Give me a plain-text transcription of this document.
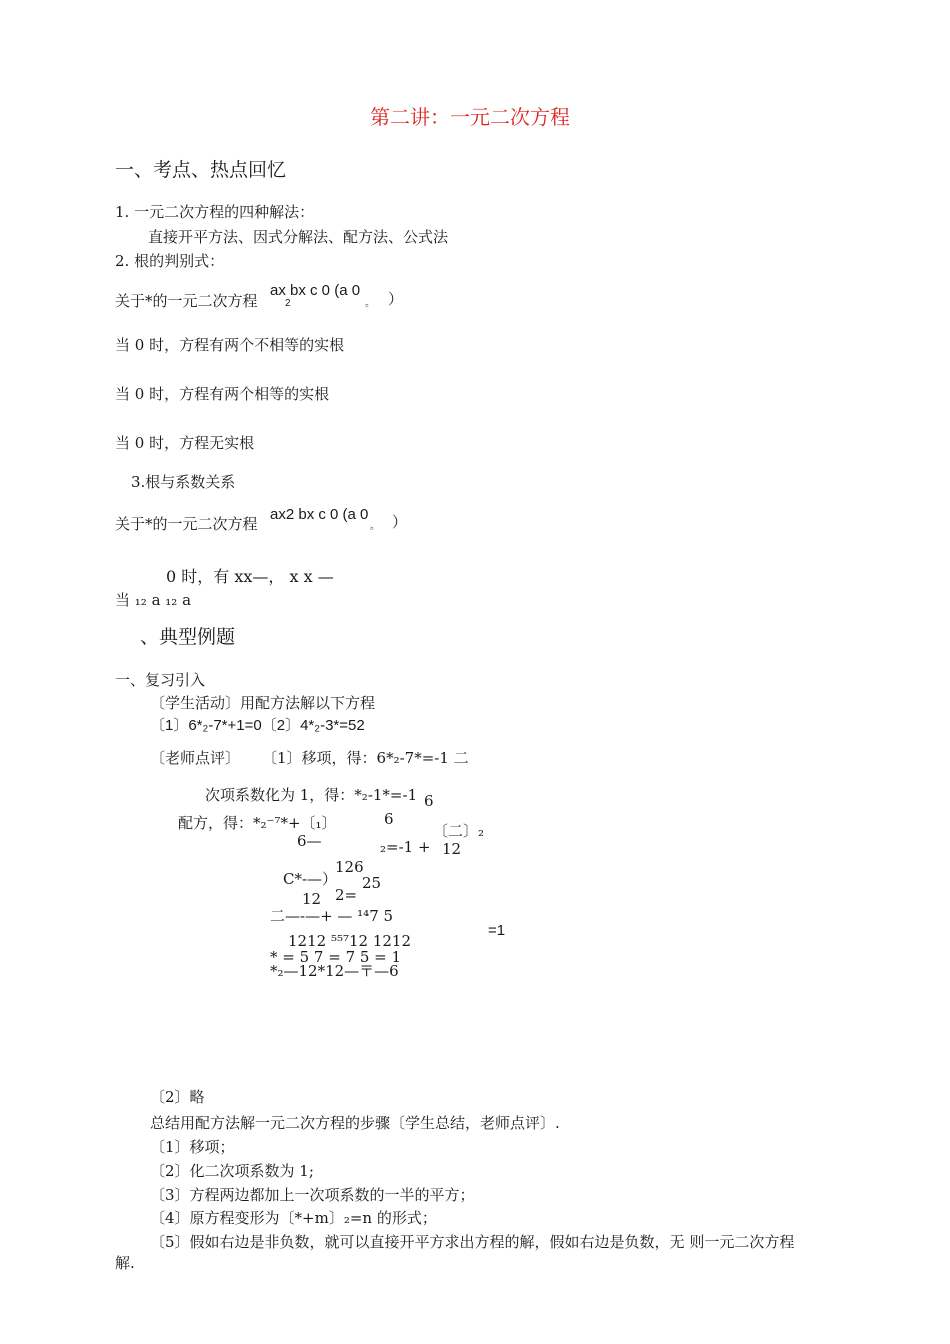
第二讲：一元二次方程
一、考点、热点回忆
1. 一元二次方程的四种解法：
直接开平方法、因式分解法、配方法、公式法
2. 根的判别式：
关于*的一元二次方程
ax bx c 0 (a 0
2	。 ）
当 0 时，方程有两个不相等的实根
当 0 时，方程有两个相等的实根
当 0 时，方程无实根
3.根与系数关系
关于*的一元二次方程
ax2 bx c 0 (a 0
。 ）
0 时，有 xx—， x x —
当 ₁₂ a ₁₂ a
、典型例题
一、复习引入
〔学生活动〕用配方法解以下方程
〔1〕6*₂-7*+1=0〔2〕4*₂-3*=52
〔老师点评〕 〔1〕移项，得：6*₂-7*=-1 二
次项系数化为 1，得：*₂-1*=-1 6
配方，得：*₂⁻⁷*+〔₁〕	6
6—	₂=-1 +
〔二〕₂
12
126
C*-—） 25
2=
12
二—-—+ — ¹⁴7 5
=1
1212 ⁵⁵⁷12 1212
* = 5 7 = 7 5 = 1
*₂—12*12—〒—6
〔2〕略
总结用配方法解一元二次方程的步骤〔学生总结，老师点评〕.
〔1〕移项；
〔2〕化二次项系数为 1;
〔3〕方程两边都加上一次项系数的一半的平方；
〔4〕原方程变形为〔*+m〕₂=n 的形式；
〔5〕假如右边是非负数，就可以直接开平方求出方程的解，假如右边是负数，无 则一元二次方程
解.
